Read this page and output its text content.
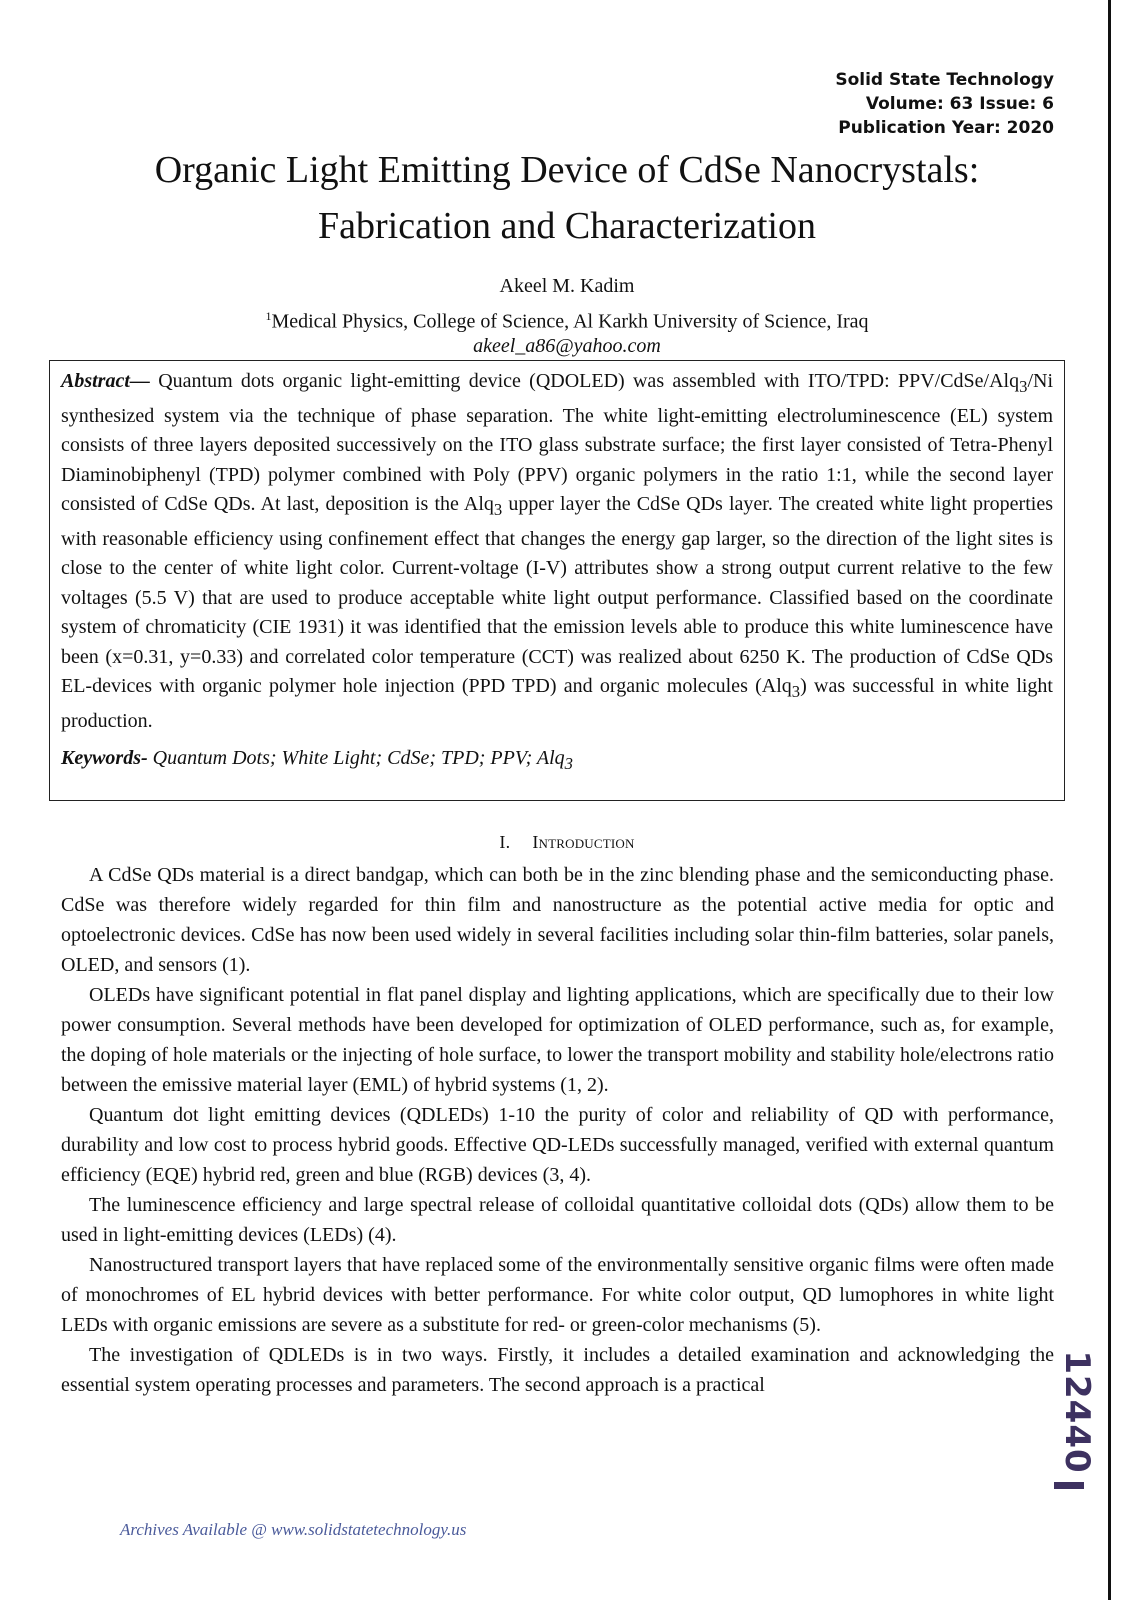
Solid State Technology
Volume: 63 Issue: 6
Publication Year: 2020
Organic Light Emitting Device of CdSe Nanocrystals:
Fabrication and Characterization
Akeel M. Kadim
$^1$Medical Physics, College of Science, Al Karkh University of Science, Iraq
akeel_a86@yahoo.com

Abstract— Quantum dots organic light-emitting device (QDOLED) was assembled with ITO/TPD: PPV/CdSe/Alq$_3$/Ni synthesized system via the technique of phase separation. The white light-emitting electroluminescence (EL) system consists of three layers deposited successively on the ITO glass substrate surface; the first layer consisted of Tetra-Phenyl Diaminobiphenyl (TPD) polymer combined with Poly (PPV) organic polymers in the ratio 1:1, while the second layer consisted of CdSe QDs. At last, deposition is the Alq$_3$ upper layer the CdSe QDs layer. The created white light properties with reasonable efficiency using confinement effect that changes the energy gap larger, so the direction of the light sites is close to the center of white light color. Current-voltage (I-V) attributes show a strong output current relative to the few voltages (5.5 V) that are used to produce acceptable white light output performance. Classified based on the coordinate system of chromaticity (CIE 1931) it was identified that the emission levels able to produce this white luminescence have been (x=0.31, y=0.33) and correlated color temperature (CCT) was realized about 6250 K. The production of CdSe QDs EL-devices with organic polymer hole injection (PPD TPD) and organic molecules (Alq$_3$) was successful in white light production.

Keywords- Quantum Dots; White Light; CdSe; TPD; PPV; Alq$_3$
I. Introduction

A CdSe QDs material is a direct bandgap, which can both be in the zinc blending phase and the semiconducting phase. CdSe was therefore widely regarded for thin film and nanostructure as the potential active media for optic and optoelectronic devices. CdSe has now been used widely in several facilities including solar thin-film batteries, solar panels, OLED, and sensors (1).

OLEDs have significant potential in flat panel display and lighting applications, which are specifically due to their low power consumption. Several methods have been developed for optimization of OLED performance, such as, for example, the doping of hole materials or the injecting of hole surface, to lower the transport mobility and stability hole/electrons ratio between the emissive material layer (EML) of hybrid systems (1, 2).

Quantum dot light emitting devices (QDLEDs) 1-10 the purity of color and reliability of QD with performance, durability and low cost to process hybrid goods. Effective QD-LEDs successfully managed, verified with external quantum efficiency (EQE) hybrid red, green and blue (RGB) devices (3, 4).

The luminescence efficiency and large spectral release of colloidal quantitative colloidal dots (QDs) allow them to be used in light-emitting devices (LEDs) (4).

Nanostructured transport layers that have replaced some of the environmentally sensitive organic films were often made of monochromes of EL hybrid devices with better performance. For white color output, QD lumophores in white light LEDs with organic emissions are severe as a substitute for red- or green-color mechanisms (5).

The investigation of QDLEDs is in two ways. Firstly, it includes a detailed examination and acknowledging the essential system operating processes and parameters. The second approach is a practical

Archives Available @ www.solidstatetechnology.us
12440
